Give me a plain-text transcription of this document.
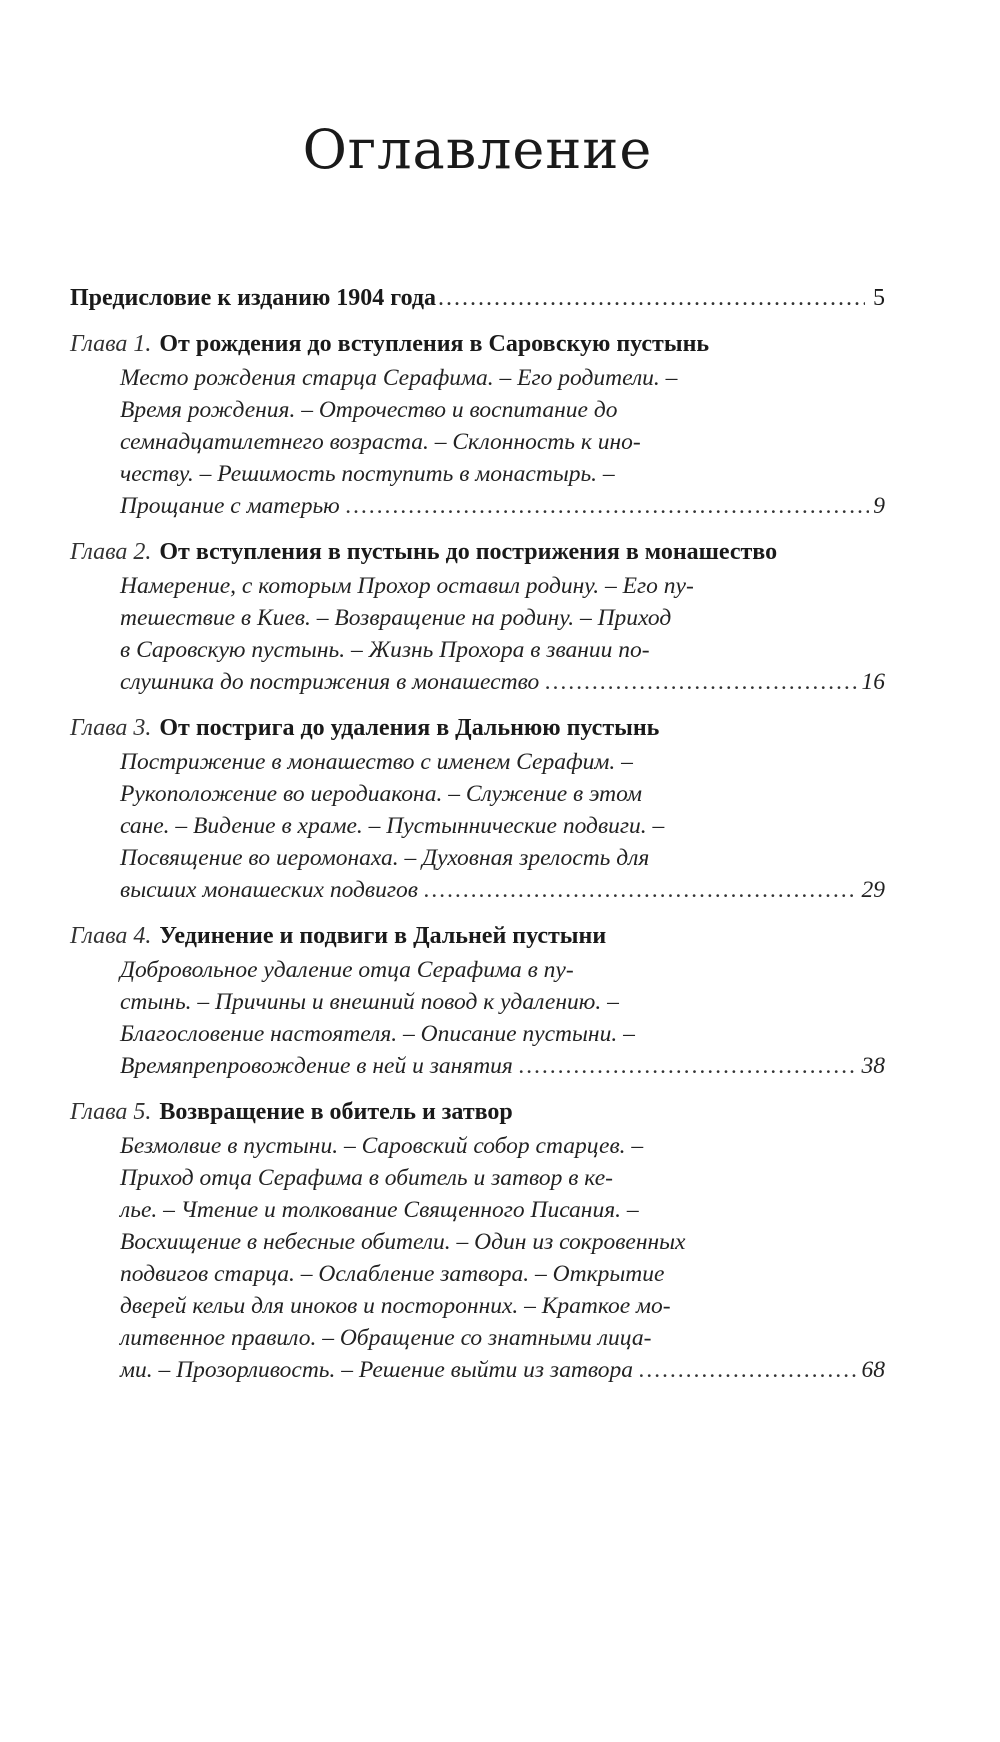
Оглавление
Предисловие к изданию 1904 года .....	5
Глава 1. От рождения до вступления в Саровскую пустынь
Место рождения старца Серафима. – Его родители. –
Время рождения. – Отрочество и воспитание до
семнадцатилетнего возраста. – Склонность к ино-
честву. – Решимость поступить в монастырь. –
Прощание с матерью .....	9
Глава 2. От вступления в пустынь до пострижения в монашество
Намерение, с которым Прохор оставил родину. – Его пу-
тешествие в Киев. – Возвращение на родину. – Приход
в Саровскую пустынь. – Жизнь Прохора в звании по-
слушника до пострижения в монашество .....	16
Глава 3. От пострига до удаления в Дальнюю пустынь
Пострижение в монашество с именем Серафим. –
Рукоположение во иеродиакона. – Служение в этом
сане. – Видение в храме. – Пустыннические подвиги. –
Посвящение во иеромонаха. – Духовная зрелость для
высших монашеских подвигов .....	29
Глава 4. Уединение и подвиги в Дальней пустыни
Добровольное удаление отца Серафима в пу-
стынь. – Причины и внешний повод к удалению. –
Благословение настоятеля. – Описание пустыни. –
Времяпрепровождение в ней и занятия .....	38
Глава 5. Возвращение в обитель и затвор
Безмолвие в пустыни. – Саровский собор старцев. –
Приход отца Серафима в обитель и затвор в ке-
лье. – Чтение и толкование Священного Писания. –
Восхищение в небесные обители. – Один из сокровенных
подвигов старца. – Ослабление затвора. – Открытие
дверей кельи для иноков и посторонних. – Краткое мо-
литвенное правило. – Обращение со знатными лица-
ми. – Прозорливость. – Решение выйти из затвора .....	68
